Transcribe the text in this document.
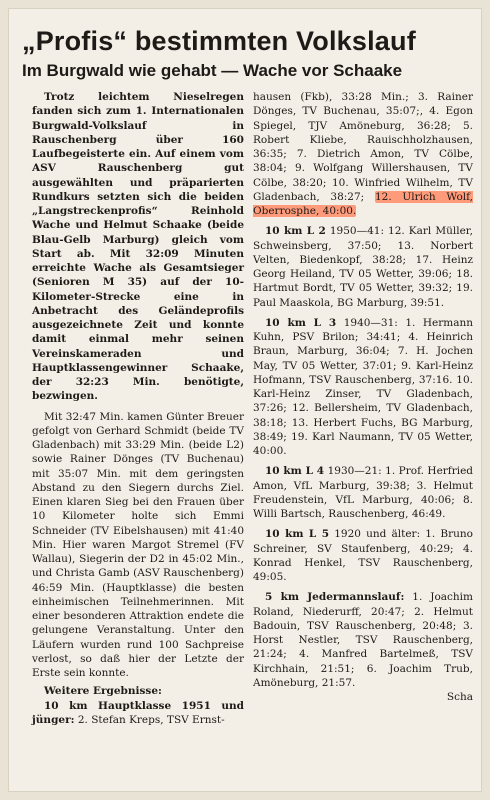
„Profis“ bestimmten Volkslauf
Im Burgwald wie gehabt — Wache vor Schaake

Trotz leichtem Nieselregen fanden sich zum 1. Internationalen Burgwald-Volkslauf in Rauschenberg über 160 Laufbegeisterte ein. Auf einem vom ASV Rauschenberg gut ausgewählten und präparierten Rundkurs setzten sich die beiden „Langstreckenprofis“ Reinhold Wache und Helmut Schaake (beide Blau-Gelb Marburg) gleich vom Start ab. Mit 32:09 Minuten erreichte Wache als Gesamtsieger (Senioren M 35) auf der 10-Kilometer-Strecke eine in Anbetracht des Geländeprofils ausgezeichnete Zeit und konnte damit einmal mehr seinen Vereinskameraden und Hauptklassengewinner Schaake, der 32:23 Min. benötigte, bezwingen.

Mit 32:47 Min. kamen Günter Breuer gefolgt von Gerhard Schmidt (beide TV Gladenbach) mit 33:29 Min. (beide L2) sowie Rainer Dönges (TV Buchenau) mit 35:07 Min. mit dem geringsten Abstand zu den Siegern durchs Ziel. Einen klaren Sieg bei den Frauen über 10 Kilometer holte sich Emmi Schneider (TV Eibelshausen) mit 41:40 Min. Hier waren Margot Stremel (FV Wallau), Siegerin der D2 in 45:02 Min., und Christa Gamb (ASV Rauschenberg) 46:59 Min. (Hauptklasse) die besten einheimischen Teilnehmerinnen. Mit einer besonderen Attraktion endete die gelungene Veranstaltung. Unter den Läufern wurden rund 100 Sachpreise verlost, so daß hier der Letzte der Erste sein konnte.

Weitere Ergebnisse:

10 km Hauptklasse 1951 und jünger: 2. Stefan Kreps, TSV Ernst-

hausen (Fkb), 33:28 Min.; 3. Rainer Dönges, TV Buchenau, 35:07;, 4. Egon Spiegel, TJV Amöneburg, 36:28; 5. Robert Kliebe, Rauischholzhausen, 36:35; 7. Dietrich Amon, TV Cölbe, 38:04; 9. Wolfgang Willershausen, TV Cölbe, 38:20; 10. Winfried Wilhelm, TV Gladenbach, 38:27; 12. Ulrich Wolf, Oberrosphe, 40:00.

10 km L 2 1950—41: 12. Karl Müller, Schweinsberg, 37:50; 13. Norbert Velten, Biedenkopf, 38:28; 17. Heinz Georg Heiland, TV 05 Wetter, 39:06; 18. Hartmut Bordt, TV 05 Wetter, 39:32; 19. Paul Maaskola, BG Marburg, 39:51.

10 km L 3 1940—31: 1. Hermann Kuhn, PSV Brilon; 34:41; 4. Heinrich Braun, Marburg, 36:04; 7. H. Jochen May, TV 05 Wetter, 37:01; 9. Karl-Heinz Hofmann, TSV Rauschenberg, 37:16. 10. Karl-Heinz Zinser, TV Gladenbach, 37:26; 12. Bellersheim, TV Gladenbach, 38:18; 13. Herbert Fuchs, BG Marburg, 38:49; 19. Karl Naumann, TV 05 Wetter, 40:00.

10 km L 4 1930—21: 1. Prof. Herfried Amon, VfL Marburg, 39:38; 3. Helmut Freudenstein, VfL Marburg, 40:06; 8. Willi Bartsch, Rauschenberg, 46:49.

10 km L 5 1920 und älter: 1. Bruno Schreiner, SV Staufenberg, 40:29; 4. Konrad Henkel, TSV Rauschenberg, 49:05.

5 km Jedermannslauf: 1. Joachim Roland, Niederurff, 20:47; 2. Helmut Badouin, TSV Rauschenberg, 20:48; 3. Horst Nestler, TSV Rauschenberg, 21:24; 4. Manfred Bartelmeß, TSV Kirchhain, 21:51; 6. Joachim Trub, Amöneburg, 21:57.

Scha
